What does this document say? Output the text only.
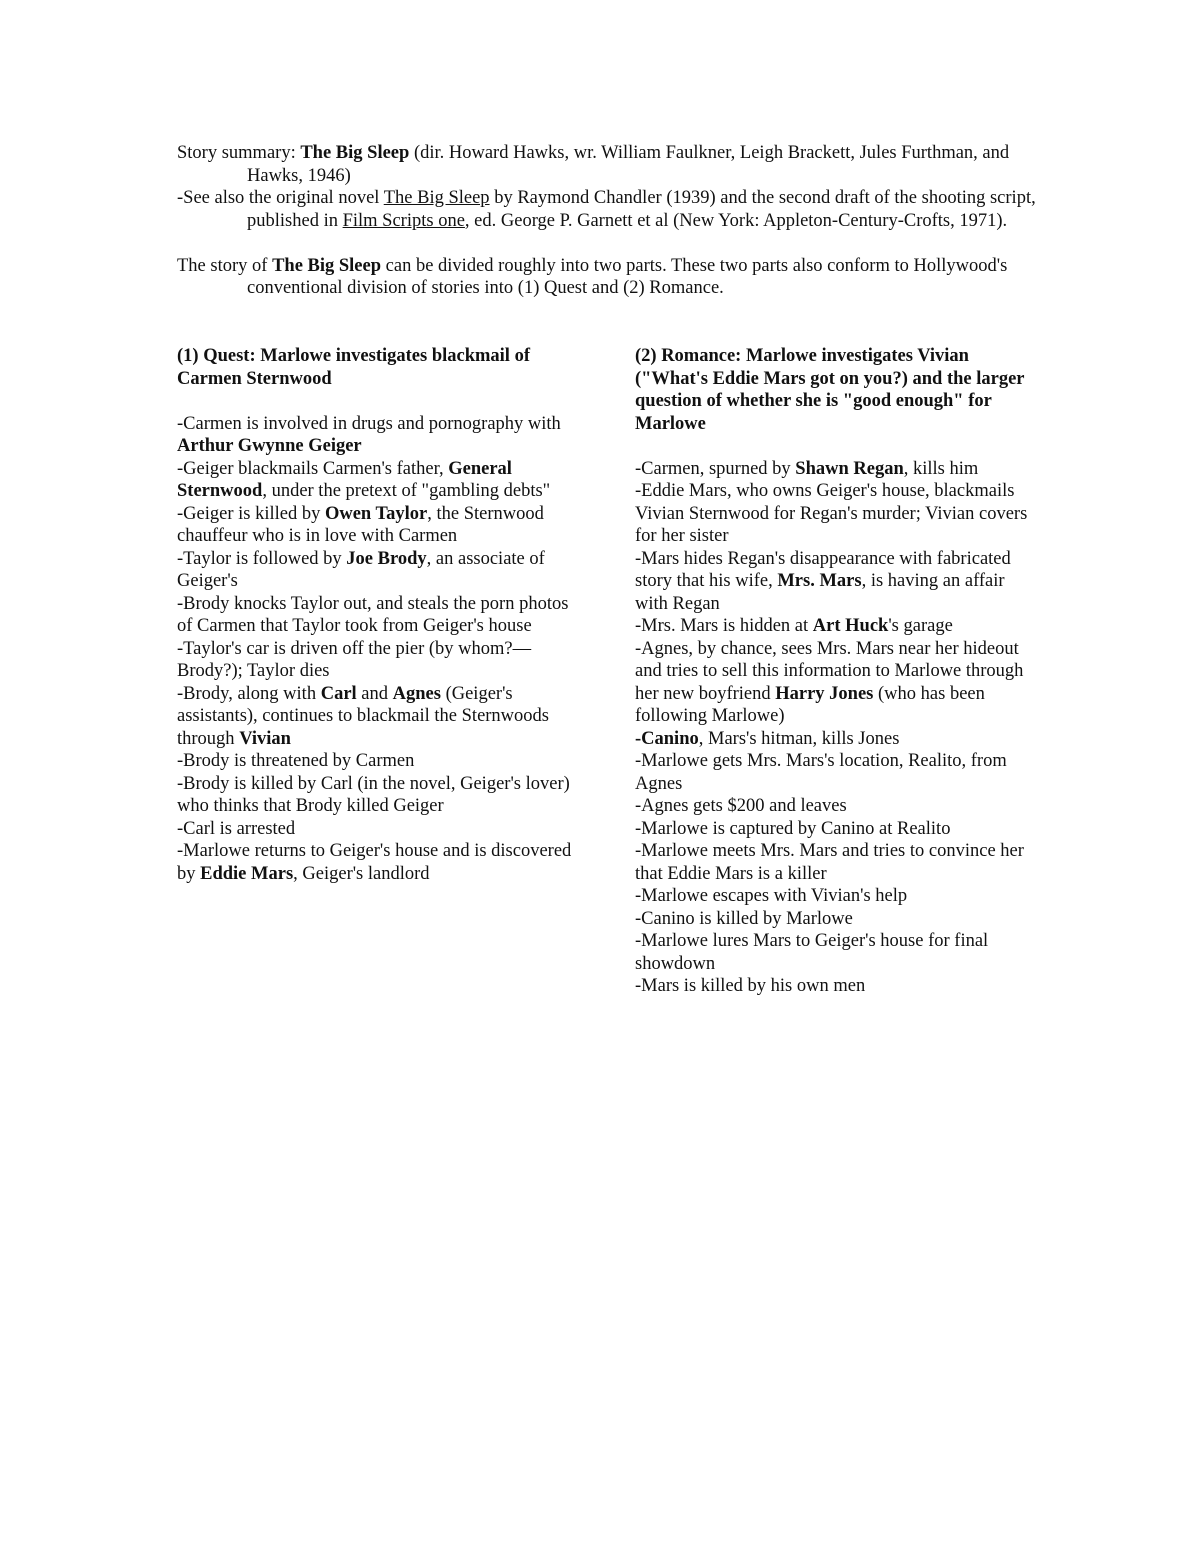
Story summary: The Big Sleep (dir. Howard Hawks, wr. William Faulkner, Leigh Brackett, Jules Furthman, and Hawks, 1946)

-See also the original novel The Big Sleep by Raymond Chandler (1939) and the second draft of the shooting script, published in Film Scripts one, ed. George P. Garnett et al (New York: Appleton-Century-Crofts, 1971).

The story of The Big Sleep can be divided roughly into two parts. These two parts also conform to Hollywood's conventional division of stories into (1) Quest and (2) Romance.

(1) Quest: Marlowe investigates blackmail of Carmen Sternwood

-Carmen is involved in drugs and pornography with Arthur Gwynne Geiger
-Geiger blackmails Carmen's father, General Sternwood, under the pretext of "gambling debts"
-Geiger is killed by Owen Taylor, the Sternwood chauffeur who is in love with Carmen
-Taylor is followed by Joe Brody, an associate of Geiger's
-Brody knocks Taylor out, and steals the porn photos of Carmen that Taylor took from Geiger's house
-Taylor's car is driven off the pier (by whom?—Brody?); Taylor dies
-Brody, along with Carl and Agnes (Geiger's assistants), continues to blackmail the Sternwoods through Vivian
-Brody is threatened by Carmen
-Brody is killed by Carl (in the novel, Geiger's lover) who thinks that Brody killed Geiger
-Carl is arrested
-Marlowe returns to Geiger's house and is discovered by Eddie Mars, Geiger's landlord

(2) Romance: Marlowe investigates Vivian ("What's Eddie Mars got on you?) and the larger question of whether she is "good enough" for Marlowe

-Carmen, spurned by Shawn Regan, kills him
-Eddie Mars, who owns Geiger's house, blackmails Vivian Sternwood for Regan's murder; Vivian covers for her sister
-Mars hides Regan's disappearance with fabricated story that his wife, Mrs. Mars, is having an affair with Regan
-Mrs. Mars is hidden at Art Huck's garage
-Agnes, by chance, sees Mrs. Mars near her hideout and tries to sell this information to Marlowe through her new boyfriend Harry Jones (who has been following Marlowe)
-Canino, Mars's hitman, kills Jones
-Marlowe gets Mrs. Mars's location, Realito, from Agnes
-Agnes gets $200 and leaves
-Marlowe is captured by Canino at Realito
-Marlowe meets Mrs. Mars and tries to convince her that Eddie Mars is a killer
-Marlowe escapes with Vivian's help
-Canino is killed by Marlowe
-Marlowe lures Mars to Geiger's house for final showdown
-Mars is killed by his own men
